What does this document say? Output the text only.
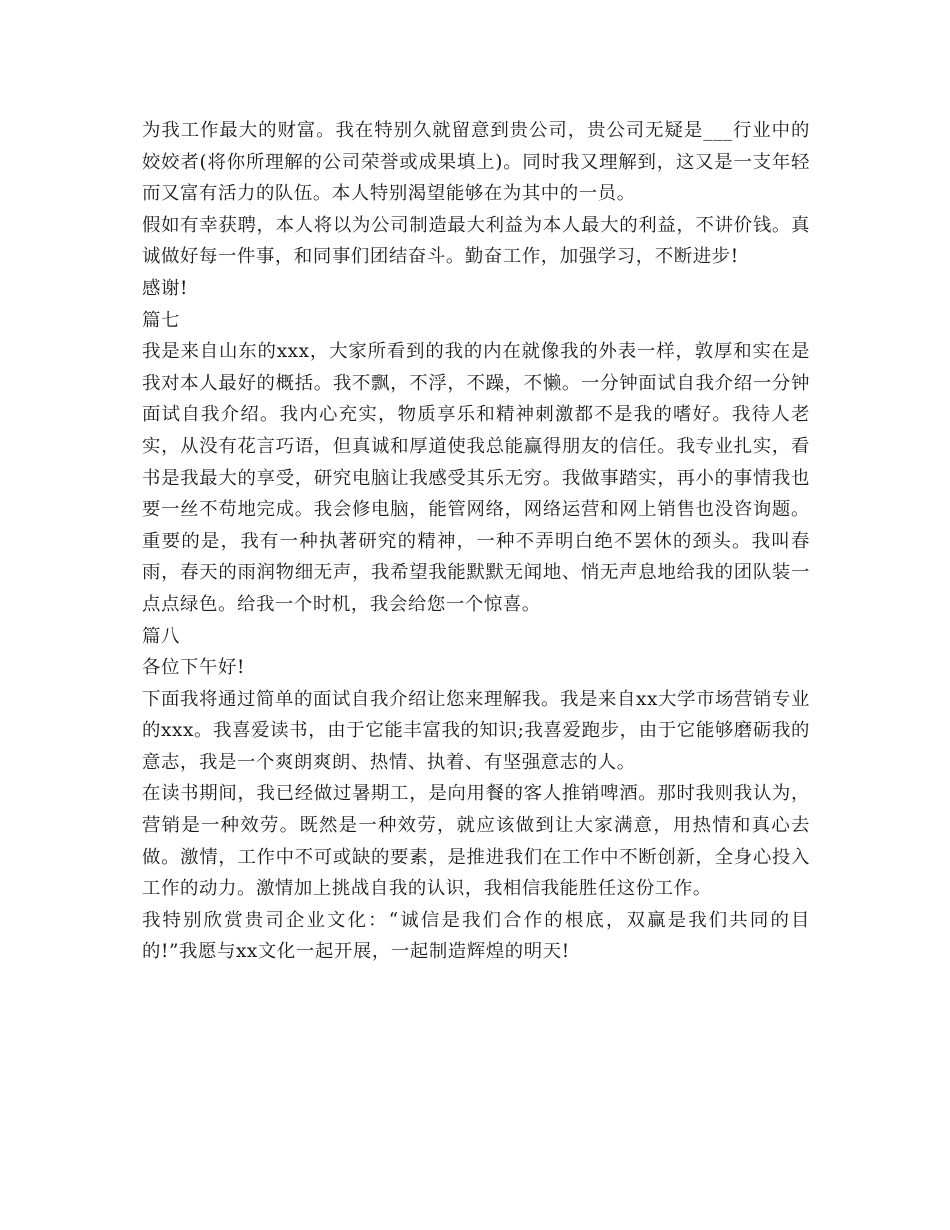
为我工作最大的财富。我在特别久就留意到贵公司，贵公司无疑是___行业中的姣姣者(将你所理解的公司荣誉或成果填上)。同时我又理解到，这又是一支年轻而又富有活力的队伍。本人特别渴望能够在为其中的一员。

假如有幸获聘，本人将以为公司制造最大利益为本人最大的利益，不讲价钱。真诚做好每一件事，和同事们团结奋斗。勤奋工作，加强学习，不断进步!

感谢!

篇七

我是来自山东的xxx，大家所看到的我的内在就像我的外表一样，敦厚和实在是我对本人最好的概括。我不飘，不浮，不躁，不懒。一分钟面试自我介绍一分钟面试自我介绍。我内心充实，物质享乐和精神刺激都不是我的嗜好。我待人老实，从没有花言巧语，但真诚和厚道使我总能赢得朋友的信任。我专业扎实，看书是我最大的享受，研究电脑让我感受其乐无穷。我做事踏实，再小的事情我也要一丝不苟地完成。我会修电脑，能管网络，网络运营和网上销售也没咨询题。重要的是，我有一种执著研究的精神，一种不弄明白绝不罢休的颈头。我叫春雨，春天的雨润物细无声，我希望我能默默无闻地、悄无声息地给我的团队装一点点绿色。给我一个时机，我会给您一个惊喜。

篇八

各位下午好!

下面我将通过简单的面试自我介绍让您来理解我。我是来自xx大学市场营销专业的xxx。我喜爱读书，由于它能丰富我的知识;我喜爱跑步，由于它能够磨砺我的意志，我是一个爽朗爽朗、热情、执着、有坚强意志的人。

在读书期间，我已经做过暑期工，是向用餐的客人推销啤酒。那时我则我认为，营销是一种效劳。既然是一种效劳，就应该做到让大家满意，用热情和真心去做。激情，工作中不可或缺的要素，是推进我们在工作中不断创新，全身心投入工作的动力。激情加上挑战自我的认识，我相信我能胜任这份工作。

我特别欣赏贵司企业文化：“诚信是我们合作的根底，双赢是我们共同的目的!”我愿与xx文化一起开展，一起制造辉煌的明天!
